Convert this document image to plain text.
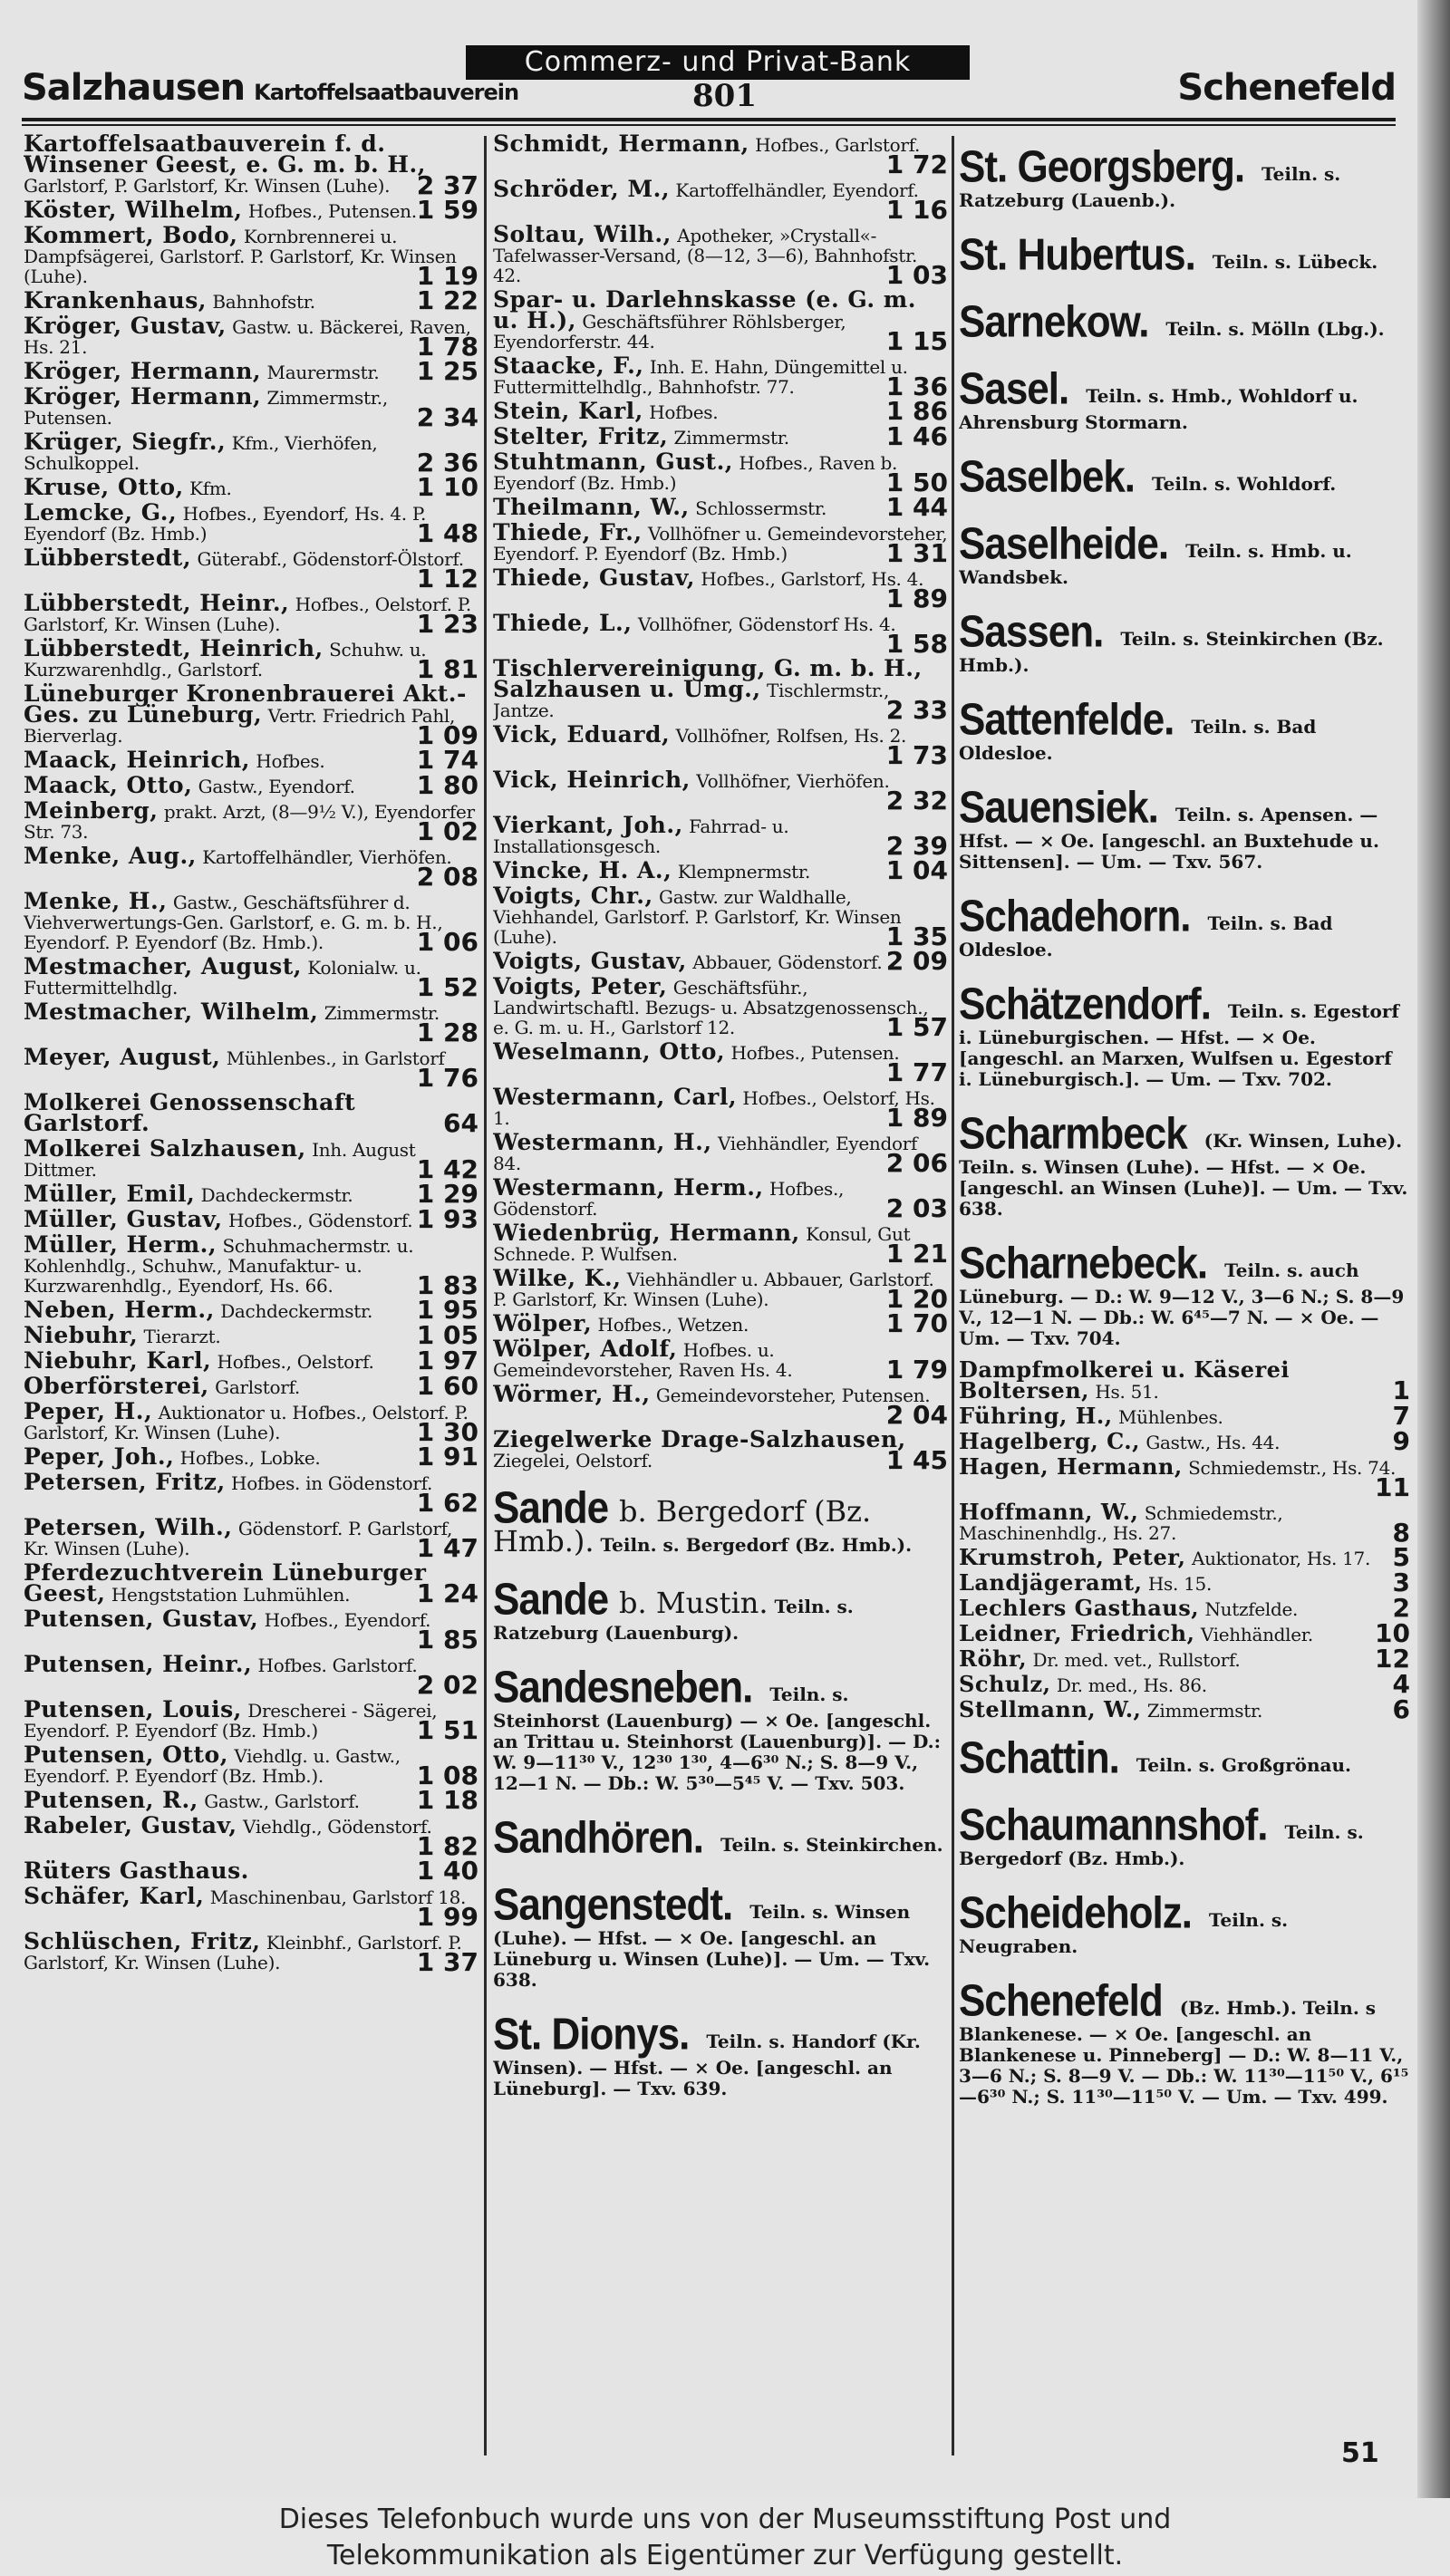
Salzhausen Kartoffelsaatbauverein
Commerz- und Privat-Bank
801	Schenefeld
Kartoffelsaatbauverein f. d. Winsener Geest, e. G. m. b. H., Garlstorf, P. Garlstorf, Kr. Winsen (Luhe). 2 37
Köster, Wilhelm, Hofbes., Putensen. 1 59
Kommert, Bodo, Kornbrennerei u. Dampfsägerei, Garlstorf. P. Garlstorf, Kr. Winsen (Luhe).	1 19
Krankenhaus, Bahnhofstr.	1 22
Kröger, Gustav, Gastw. u. Bäckerei, Raven, Hs. 21.	1 78
Kröger, Hermann, Maurermstr. 1 25
Kröger, Hermann, Zimmermstr., Putensen.	2 34
Krüger, Siegfr., Kfm., Vierhöfen, Schulkoppel.	2 36
Kruse, Otto, Kfm.	1 10
Lemcke, G., Hofbes., Eyendorf, Hs. 4. P. Eyendorf (Bz. Hmb.)	1 48
Lübberstedt, Güterabf., Gödenstorf-Ölstorf.
1 12
Lübberstedt, Heinr., Hofbes., Oelstorf. P. Garlstorf, Kr. Winsen (Luhe).	1 23
Lübberstedt, Heinrich, Schuhw. u. Kurzwarenhdlg., Garlstorf.	1 81
Lüneburger Kronenbrauerei Akt.-Ges. zu Lüneburg, Vertr. Friedrich Pahl, Bierverlag.	1 09
Maack, Heinrich, Hofbes.	1 74
Maack, Otto, Gastw., Eyendorf. 1 80
Meinberg, prakt. Arzt, (8—9½ V.), Eyendorfer Str. 73.	1 02
Menke, Aug., Kartoffelhändler, Vierhöfen.
2 08
Menke, H., Gastw., Geschäftsführer d. Viehverwertungs-Gen. Garlstorf, e. G. m. b. H., Eyendorf. P. Eyendorf (Bz. Hmb.).	1 06
Mestmacher, August, Kolonialw. u. Futtermittelhdlg.	1 52
Mestmacher, Wilhelm, Zimmermstr.
1 28
Meyer, August, Mühlenbes., in Garlstorf
1 76
Molkerei Genossenschaft Garlstorf.	64
Molkerei Salzhausen, Inh. August Dittmer.	1 42
Müller, Emil, Dachdeckermstr.	1 29
Müller, Gustav, Hofbes., Gödenstorf. 1 93
Müller, Herm., Schuhmachermstr. u. Kohlenhdlg., Schuhw., Manufaktur- u. Kurzwarenhdlg., Eyendorf, Hs. 66.	1 83
Neben, Herm., Dachdeckermstr. 1 95
Niebuhr, Tierarzt.	1 05
Niebuhr, Karl, Hofbes., Oelstorf. 1 97
Oberförsterei, Garlstorf.	1 60
Peper, H., Auktionator u. Hofbes., Oelstorf. P. Garlstorf, Kr. Winsen (Luhe).	1 30
Peper, Joh., Hofbes., Lobke.	1 91
Petersen, Fritz, Hofbes. in Gödenstorf.
1 62
Petersen, Wilh., Gödenstorf. P. Garlstorf, Kr. Winsen (Luhe).	1 47
Pferdezuchtverein Lüneburger Geest, Hengststation Luhmühlen.	1 24
Putensen, Gustav, Hofbes., Eyendorf.
1 85
Putensen, Heinr., Hofbes. Garlstorf.
2 02
Putensen, Louis, Drescherei - Sägerei, Eyendorf. P. Eyendorf (Bz. Hmb.)	1 51
Putensen, Otto, Viehdlg. u. Gastw., Eyendorf. P. Eyendorf (Bz. Hmb.).	1 08
Putensen, R., Gastw., Garlstorf. 1 18
Rabeler, Gustav, Viehdlg., Gödenstorf.
1 82
Rüters Gasthaus.	1 40
Schäfer, Karl, Maschinenbau, Garlstorf 18.
1 99
Schlüschen, Fritz, Kleinbhf., Garlstorf. P. Garlstorf, Kr. Winsen (Luhe).	1 37
Schmidt, Hermann, Hofbes., Garlstorf.
1 72
Schröder, M., Kartoffelhändler, Eyendorf.
1 16
Soltau, Wilh., Apotheker, »Crystall«-Tafelwasser-Versand, (8—12, 3—6), Bahnhofstr. 42.	1 03
Spar- u. Darlehnskasse (e. G. m. u. H.), Geschäftsführer Röhlsberger, Eyendorferstr. 44.	1 15
Staacke, F., Inh. E. Hahn, Düngemittel u. Futtermittelhdlg., Bahnhofstr. 77.	1 36
Stein, Karl, Hofbes.	1 86
Stelter, Fritz, Zimmermstr.	1 46
Stuhtmann, Gust., Hofbes., Raven b. Eyendorf (Bz. Hmb.)	1 50
Theilmann, W., Schlossermstr. 1 44
Thiede, Fr., Vollhöfner u. Gemeindevorsteher, Eyendorf. P. Eyendorf (Bz. Hmb.)	1 31
Thiede, Gustav, Hofbes., Garlstorf, Hs. 4.
1 89
Thiede, L., Vollhöfner, Gödenstorf Hs. 4.
1 58
Tischlervereinigung, G. m. b. H., Salzhausen u. Umg., Tischlermstr., Jantze.	2 33
Vick, Eduard, Vollhöfner, Rolfsen, Hs. 2.
1 73
Vick, Heinrich, Vollhöfner, Vierhöfen.
2 32
Vierkant, Joh., Fahrrad- u. Installationsgesch.	2 39
Vincke, H. A., Klempnermstr.	1 04
Voigts, Chr., Gastw. zur Waldhalle, Viehhandel, Garlstorf. P. Garlstorf, Kr. Winsen (Luhe).	1 35
Voigts, Gustav, Abbauer, Gödenstorf. 2 09
Voigts, Peter, Geschäftsführ., Landwirtschaftl. Bezugs- u. Absatzgenossensch., e. G. m. u. H., Garlstorf 12.	1 57
Weselmann, Otto, Hofbes., Putensen.
1 77
Westermann, Carl, Hofbes., Oelstorf, Hs. 1.	1 89
Westermann, H., Viehhändler, Eyendorf 84.	2 06
Westermann, Herm., Hofbes., Gödenstorf.	2 03
Wiedenbrüg, Hermann, Konsul, Gut Schnede. P. Wulfsen.	1 21
Wilke, K., Viehhändler u. Abbauer, Garlstorf. P. Garlstorf, Kr. Winsen (Luhe).	1 20
Wölper, Hofbes., Wetzen.	1 70
Wölper, Adolf, Hofbes. u. Gemeindevorsteher, Raven Hs. 4.	1 79
Wörmer, H., Gemeindevorsteher, Putensen.
2 04
Ziegelwerke Drage-Salzhausen, Ziegelei, Oelstorf.	1 45
Sande b. Bergedorf (Bz. Hmb.). Teiln. s. Bergedorf (Bz. Hmb.).
Sande b. Mustin. Teiln. s. Ratzeburg (Lauenburg).
Sandesneben. Teiln. s. Steinhorst (Lauenburg) — × Oe. [angeschl. an Trittau u. Steinhorst (Lauenburg)]. — D.: W. 9—11³⁰ V., 12³⁰ 1³⁰, 4—6³⁰ N.; S. 8—9 V., 12—1 N. — Db.: W. 5³⁰—5⁴⁵ V. — Txv. 503.
Sandhören. Teiln. s. Steinkirchen.
Sangenstedt. Teiln. s. Winsen (Luhe). — Hfst. — × Oe. [angeschl. an Lüneburg u. Winsen (Luhe)]. — Um. — Txv. 638.
St. Dionys. Teiln. s. Handorf (Kr. Winsen). — Hfst. — × Oe. [angeschl. an Lüneburg]. — Txv. 639.
St. Georgsberg. Teiln. s. Ratzeburg (Lauenb.).
St. Hubertus. Teiln. s. Lübeck.
Sarnekow. Teiln. s. Mölln (Lbg.).
Sasel. Teiln. s. Hmb., Wohldorf u. Ahrensburg Stormarn.
Saselbek. Teiln. s. Wohldorf.
Saselheide. Teiln. s. Hmb. u. Wandsbek.
Sassen. Teiln. s. Steinkirchen (Bz. Hmb.).
Sattenfelde. Teiln. s. Bad Oldesloe.
Sauensiek. Teiln. s. Apensen. — Hfst. — × Oe. [angeschl. an Buxtehude u. Sittensen]. — Um. — Txv. 567.
Schadehorn. Teiln. s. Bad Oldesloe.
Schätzendorf. Teiln. s. Egestorf i. Lüneburgischen. — Hfst. — × Oe. [angeschl. an Marxen, Wulfsen u. Egestorf i. Lüneburgisch.]. — Um. — Txv. 702.
Scharmbeck (Kr. Winsen, Luhe). Teiln. s. Winsen (Luhe). — Hfst. — × Oe. [angeschl. an Winsen (Luhe)]. — Um. — Txv. 638.
Scharnebeck. Teiln. s. auch Lüneburg. — D.: W. 9—12 V., 3—6 N.; S. 8—9 V., 12—1 N. — Db.: W. 6⁴⁵—7 N. — × Oe. — Um. — Txv. 704.
Dampfmolkerei u. Käserei Boltersen, Hs. 51.	1
Führing, H., Mühlenbes.	7
Hagelberg, C., Gastw., Hs. 44.	9
Hagen, Hermann, Schmiedemstr., Hs. 74.
11
Hoffmann, W., Schmiedemstr., Maschinenhdlg., Hs. 27.	8
Krumstroh, Peter, Auktionator, Hs. 17. 5
Landjägeramt, Hs. 15.	3
Lechlers Gasthaus, Nutzfelde.	2
Leidner, Friedrich, Viehhändler. 10
Röhr, Dr. med. vet., Rullstorf.	12
Schulz, Dr. med., Hs. 86.	4
Stellmann, W., Zimmermstr.	6
Schattin. Teiln. s. Großgrönau.
Schaumannshof. Teiln. s. Bergedorf (Bz. Hmb.).
Scheideholz. Teiln. s. Neugraben.
Schenefeld (Bz. Hmb.). Teiln. s Blankenese. — × Oe. [angeschl. an Blankenese u. Pinneberg] — D.: W. 8—11 V., 3—6 N.; S. 8—9 V. — Db.: W. 11³⁰—11⁵⁰ V., 6¹⁵—6³⁰ N.; S. 11³⁰—11⁵⁰ V. — Um. — Txv. 499.
51
Dieses Telefonbuch wurde uns von der Museumsstiftung Post und
Telekommunikation als Eigentümer zur Verfügung gestellt.
